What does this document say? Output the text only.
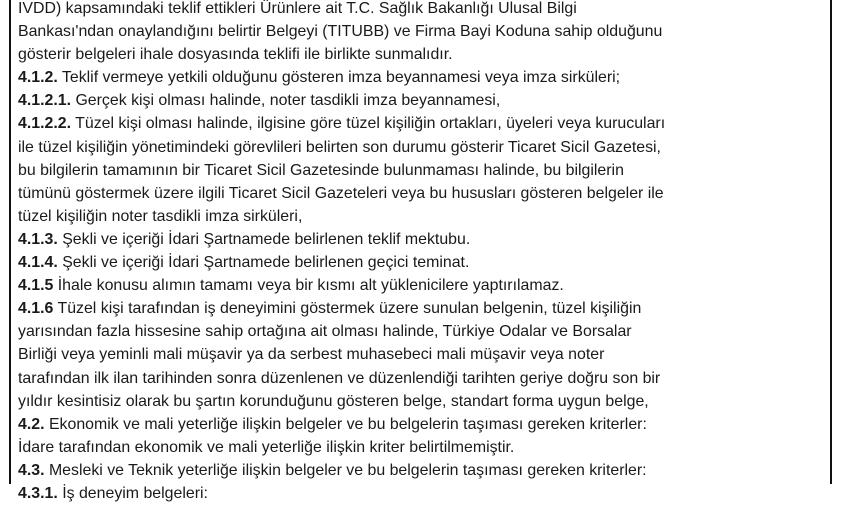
IVDD) kapsamındaki teklif ettikleri Ürünlere ait T.C. Sağlık Bakanlığı Ulusal Bilgi
Bankası'ndan onaylandığını belirtir Belgeyi (TITUBB) ve Firma Bayi Koduna sahip olduğunu
gösterir belgeleri ihale dosyasında teklifi ile birlikte sunmalıdır.
4.1.2. Teklif vermeye yetkili olduğunu gösteren imza beyannamesi veya imza sirküleri;
4.1.2.1. Gerçek kişi olması halinde, noter tasdikli imza beyannamesi,
4.1.2.2. Tüzel kişi olması halinde, ilgisine göre tüzel kişiliğin ortakları, üyeleri veya kurucuları
ile tüzel kişiliğin yönetimindeki görevlileri belirten son durumu gösterir Ticaret Sicil Gazetesi,
bu bilgilerin tamamının bir Ticaret Sicil Gazetesinde bulunmaması halinde, bu bilgilerin
tümünü göstermek üzere ilgili Ticaret Sicil Gazeteleri veya bu hususları gösteren belgeler ile
tüzel kişiliğin noter tasdikli imza sirküleri,
4.1.3. Şekli ve içeriği İdari Şartnamede belirlenen teklif mektubu.
4.1.4. Şekli ve içeriği İdari Şartnamede belirlenen geçici teminat.
4.1.5 İhale konusu alımın tamamı veya bir kısmı alt yüklenicilere yaptırılamaz.
4.1.6 Tüzel kişi tarafından iş deneyimini göstermek üzere sunulan belgenin, tüzel kişiliğin
yarısından fazla hissesine sahip ortağına ait olması halinde, Türkiye Odalar ve Borsalar
Birliği veya yeminli mali müşavir ya da serbest muhasebeci mali müşavir veya noter
tarafından ilk ilan tarihinden sonra düzenlenen ve düzenlendiği tarihten geriye doğru son bir
yıldır kesintisiz olarak bu şartın korunduğunu gösteren belge, standart forma uygun belge,
4.2. Ekonomik ve mali yeterliğe ilişkin belgeler ve bu belgelerin taşıması gereken kriterler:
İdare tarafından ekonomik ve mali yeterliğe ilişkin kriter belirtilmemiştir.
4.3. Mesleki ve Teknik yeterliğe ilişkin belgeler ve bu belgelerin taşıması gereken kriterler:
4.3.1. İş deneyim belgeleri:
